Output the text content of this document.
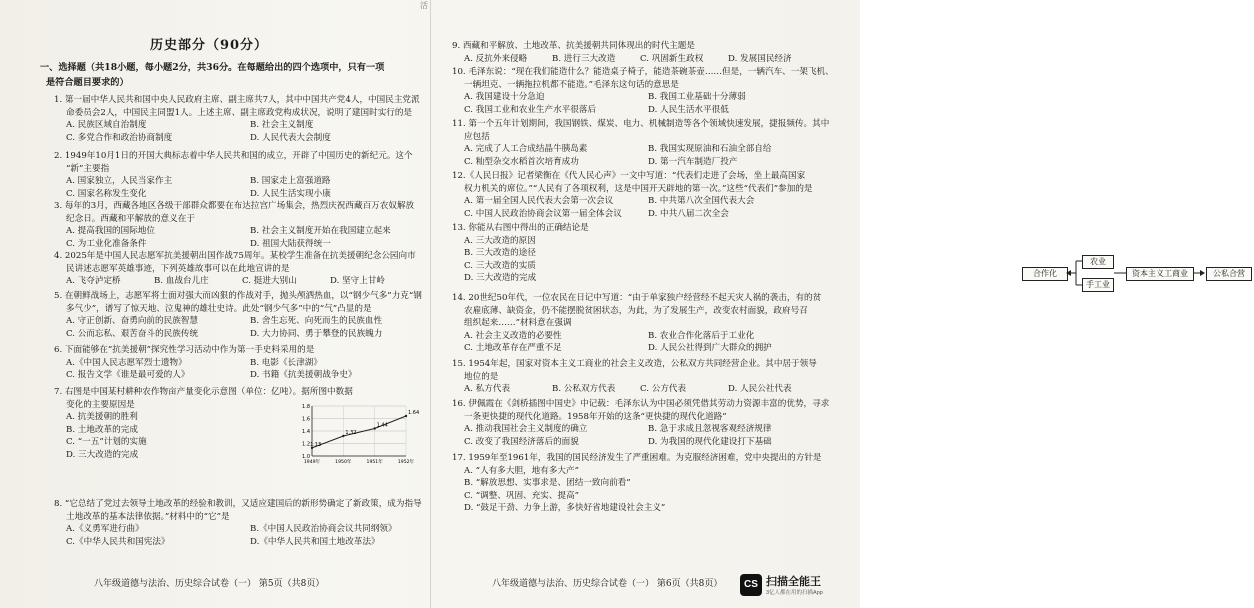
活
历史部分（90分）
一、选择题（共18小题，每小题2分，共36分。在每题给出的四个选项中，只有一项
是符合题目要求的）

1. 第一届中华人民共和国中央人民政府主席、副主席共7人，其中中国共产党4人，中国民主党派

命委员会2人，中国民主同盟1人。上述主席、副主席政党构成状况，说明了建国时实行的是

A. 民族区域自治制度	B. 社会主义制度
C. 多党合作和政治协商制度	D. 人民代表大会制度

2. 1949年10月1日的开国大典标志着中华人民共和国的成立，开辟了中国历史的新纪元。这个

“新”主要指

A. 国家独立，人民当家作主	B. 国家走上富强道路
C. 国家名称发生变化	D. 人民生活实现小康

3. 每年的3月，西藏各地区各级干部群众都要在布达拉宫广场集会，热烈庆祝西藏百万农奴解放

纪念日。西藏和平解放的意义在于

A. 提高我国的国际地位	B. 社会主义制度开始在我国建立起来
C. 为工业化准备条件	D. 祖国大陆获得统一

4. 2025年是中国人民志愿军抗美援朝出国作战75周年。某校学生准备在抗美援朝纪念公园向市

民讲述志愿军英雄事迹，下列英雄故事可以在此地宣讲的是

A. 飞夺泸定桥	B. 血战台儿庄	C. 挺进大别山	D. 坚守上甘岭

5. 在朝鲜战场上，志愿军将士面对强大而凶狠的作战对手，抛头颅洒热血，以“钢少气多”力克“钢

多气少”，谱写了惊天地、泣鬼神的雄壮史诗。此处“钢少气多”中的“气”凸显的是

A. 守正创新、奋勇向前的民族智慧	B. 舍生忘死、向死而生的民族血性
C. 公而忘私、艰苦奋斗的民族传统	D. 大力协同、勇于攀登的民族魄力

6. 下面能够在“抗美援朝”探究性学习活动中作为第一手史料采用的是

A.《中国人民志愿军烈士遗物》	B. 电影《长津湖》
C. 报告文学《谁是最可爱的人》	D. 书籍《抗美援朝战争史》

7. 右图是中国某村耕种农作物亩产量变化示意图（单位：亿吨）。据所图中数据

变化的主要原因是

A. 抗美援朝的胜利
B. 土地改革的完成
C. “一五”计划的实施
D. 三大改造的完成

8. “它总结了党过去领导土地改革的经验和教训，又适应建国后的新形势确定了新政策，成为指导

土地改革的基本法律依据。”材料中的“它”是

A.《义勇军进行曲》	B.《中国人民政治协商会议共同纲领》
C.《中华人民共和国宪法》	D.《中华人民共和国土地改革法》
1.13
1.32
1.44
1.64
1.0
1.2
1.4
1.6
1.8
1949年	1950年	1951年	1952年
八年级道德与法治、历史综合试卷（一） 第5页（共8页）

9. 西藏和平解放、土地改革、抗美援朝共同体现出的时代主题是

A. 反抗外来侵略	B. 进行三大改造	C. 巩固新生政权	D. 发展国民经济

10. 毛泽东说：“现在我们能造什么？能造桌子椅子，能造茶碗茶壶……但是，一辆汽车、一架飞机、

一辆坦克、一辆拖拉机都不能造。”毛泽东这句话的意思是

A. 我国建设十分急迫	B. 我国工业基础十分薄弱
C. 我国工业和农业生产水平很落后	D. 人民生活水平很低

11. 第一个五年计划期间，我国钢铁、煤炭、电力、机械制造等各个领域快速发展，捷报频传。其中

应包括

A. 完成了人工合成结晶牛胰岛素	B. 我国实现原油和石油全部自给
C. 籼型杂交水稻首次培育成功	D. 第一汽车制造厂投产

12.《人民日报》记者梁衡在《代人民心声》一文中写道：“代表们走进了会场，坐上最高国家

权力机关的席位。”“人民有了各项权利，这是中国开天辟地的第一次。”这些“代表们”参加的是

A. 第一届全国人民代表大会第一次会议	B. 中共第八次全国代表大会
C. 中国人民政治协商会议第一届全体会议	D. 中共八届二次全会

13. 你能从右图中得出的正确结论是

A. 三大改造的原因
B. 三大改造的途径
C. 三大改造的实质
D. 三大改造的完成

14. 20世纪50年代，一位农民在日记中写道：“由于单家独户经营经不起天灾人祸的袭击，有的贫

农雇底薄、缺资金，仍不能摆脱贫困状态，为此，为了发展生产，改变农村面貌，政府号召

组织起来……”材料意在强调

A. 社会主义改造的必要性	B. 农业合作化落后于工业化
C. 土地改革存在严重不足	D. 人民公社得到广大群众的拥护

15. 1954年起，国家对资本主义工商业的社会主义改造，公私双方共同经营企业。其中居于领导

地位的是

A. 私方代表	B. 公私双方代表	C. 公方代表	D. 人民公社代表

16. 伊佩霞在《剑桥插图中国史》中记载：毛泽东认为中国必须凭借其劳动力资源丰富的优势，寻求

一条更快捷的现代化道路。1958年开始的这条“更快捷的现代化道路”

A. 推动我国社会主义制度的确立	B. 急于求成且忽视客观经济规律
C. 改变了我国经济落后的面貌	D. 为我国的现代化建设打下基础

17. 1959年至1961年，我国的国民经济发生了严重困难。为克服经济困难，党中央提出的方针是

A. “人有多大胆，地有多大产”
B. “解放思想、实事求是、团结一致向前看”
C. “调整、巩固、充实、提高”
D. “鼓足干劲、力争上游，多快好省地建设社会主义”
合作化
农业
手工业
资本主义工商业	公私合营
八年级道德与法治、历史综合试卷（一） 第6页（共8页）	CS 扫描全能王
3亿人都在用的扫描App
